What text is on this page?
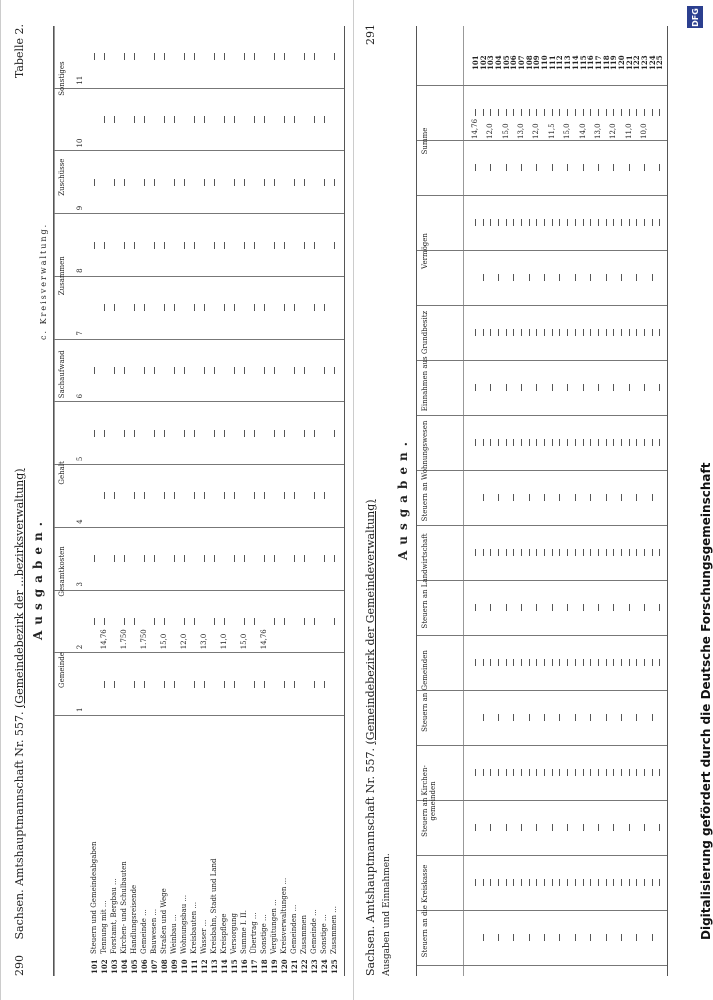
290 Sachsen. Amtshauptmannschaft Nr. 557. (Gemeindebezirk der ...bezirksverwaltung)
Tabelle 2.
Ausgaben.
c. Kreisverwaltung.
Gemeinde
Gesamtkosten
Gehalt
Sachaufwand
Zusammen
Zuschüsse
Sonstiges
1
2
3
4
5
6
7
8
9
10
11
101
Steuern und Gemeindeabgaben
102
Tennung mit ...
103
Forstamt, Bergbau ...
104
Kirchen- und Schulbauten
105
Handlungsreisende
106
Gemeinde ...
107
Bauwesen ...
108
Straßen und Wege
109
Weinbau ...
110
Wohnungsbau ...
111
Kreisbauten ...
112
Wasser ...
113
Kreisbahn, Stadt und Land
114
Kreispflege
115
Versorgung
116
Summe I. II.
117
Übertrag ...
118
Sonstige ...
119
Vergütungen ...
120
Kreisverwaltungen ...
121
Gemeinden ...
122
Zusammen
123
Gemeinde ...
124
Sonstige ...
125
Zusammen ...
14,76 1.750 1.750 15,0 12,0 13,0 11,0 15,0 14,76
Sachsen. Amtshauptmannschaft Nr. 557. (Gemeindebezirk der Gemeindeverwaltung)
291
Ausgaben und Einnahmen.
Ausgaben.
Steuern an die Kreiskasse
Steuern an Kirchen-gemeinden
Steuern an Gemeinden
Steuern an Landwirtschaft
Steuern an Wohnungswesen
Einnahmen aus Grundbesitz
Vermögen
Summe
101
102
103
104
105
106
107
108
109
110
111
112
113
114
115
116
117
118
119
120
121
122
123
124
125
14,76 12,0 15,0 13,0 12,0 11,5 15,0 14,0 13,0 12,0 11,0 10,0
DFG
Digitalisierung gefördert durch die Deutsche Forschungsgemeinschaft
